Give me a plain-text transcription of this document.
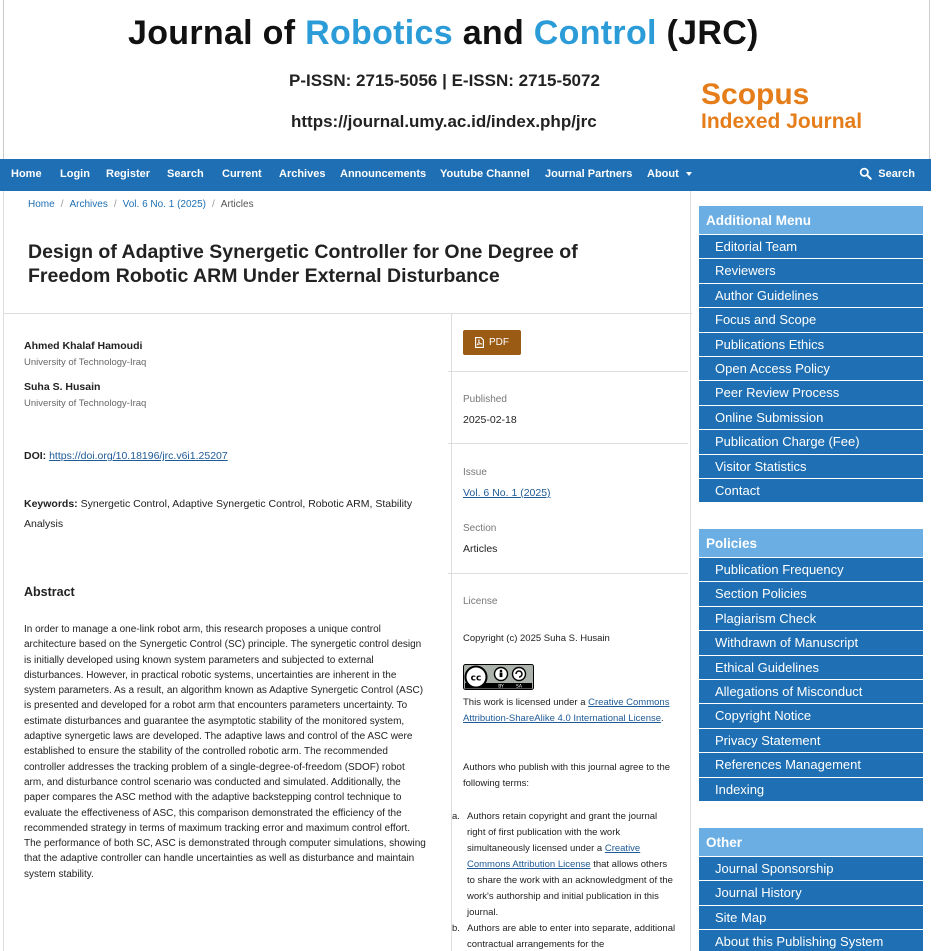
Journal of Robotics and Control (JRC)
P-ISSN: 2715-5056 | E-ISSN: 2715-5072
https://journal.umy.ac.id/index.php/jrc
Scopus
Indexed Journal
Home Login Register Search Current Archives Announcements Youtube Channel Journal Partners About	Search
Home / Archives / Vol. 6 No. 1 (2025) / Articles
Design of Adaptive Synergetic Controller for One Degree of Freedom Robotic ARM Under External Disturbance
Ahmed Khalaf Hamoudi
University of Technology-Iraq
Suha S. Husain
University of Technology-Iraq
DOI: https://doi.org/10.18196/jrc.v6i1.25207
Keywords: Synergetic Control, Adaptive Synergetic Control, Robotic ARM, Stability Analysis
Abstract

In order to manage a one-link robot arm, this research proposes a unique control architecture based on the Synergetic Control (SC) principle. The synergetic control design is initially developed using known system parameters and subjected to external disturbances. However, in practical robotic systems, uncertainties are inherent in the system parameters. As a result, an algorithm known as Adaptive Synergetic Control (ASC) is presented and developed for a robot arm that encounters parameters uncertainty. To estimate disturbances and guarantee the asymptotic stability of the monitored system, adaptive synergetic laws are developed. The adaptive laws and control of the ASC were established to ensure the stability of the controlled robotic arm. The recommended controller addresses the tracking problem of a single-degree-of-freedom (SDOF) robot arm, and disturbance control scenario was conducted and simulated. Additionally, the paper compares the ASC method with the adaptive backstepping control technique to evaluate the effectiveness of ASC, this comparison demonstrated the efficiency of the recommended strategy in terms of maximum tracking error and maximum control effort. The performance of both SC, ASC is demonstrated through computer simulations, showing that the adaptive controller can handle uncertainties as well as disturbance and maintain system stability.

PDF
Published
2025-02-18
Issue
Vol. 6 No. 1 (2025)
Section
Articles
License
Copyright (c) 2025 Suha S. Husain
cc
BY	SA
This work is licensed under a Creative Commons Attribution-ShareAlike 4.0 International License.
Authors who publish with this journal agree to the following terms:
a. Authors retain copyright and grant the journal right of first publication with the work simultaneously licensed under a Creative Commons Attribution License that allows others to share the work with an acknowledgment of the work's authorship and initial publication in this journal.
b. Authors are able to enter into separate, additional contractual arrangements for the
Additional Menu
Editorial Team
Reviewers
Author Guidelines
Focus and Scope
Publications Ethics
Open Access Policy
Peer Review Process
Online Submission
Publication Charge (Fee)
Visitor Statistics
Contact
Policies
Publication Frequency
Section Policies
Plagiarism Check
Withdrawn of Manuscript
Ethical Guidelines
Allegations of Misconduct
Copyright Notice
Privacy Statement
References Management
Indexing
Other
Journal Sponsorship
Journal History
Site Map
About this Publishing System
